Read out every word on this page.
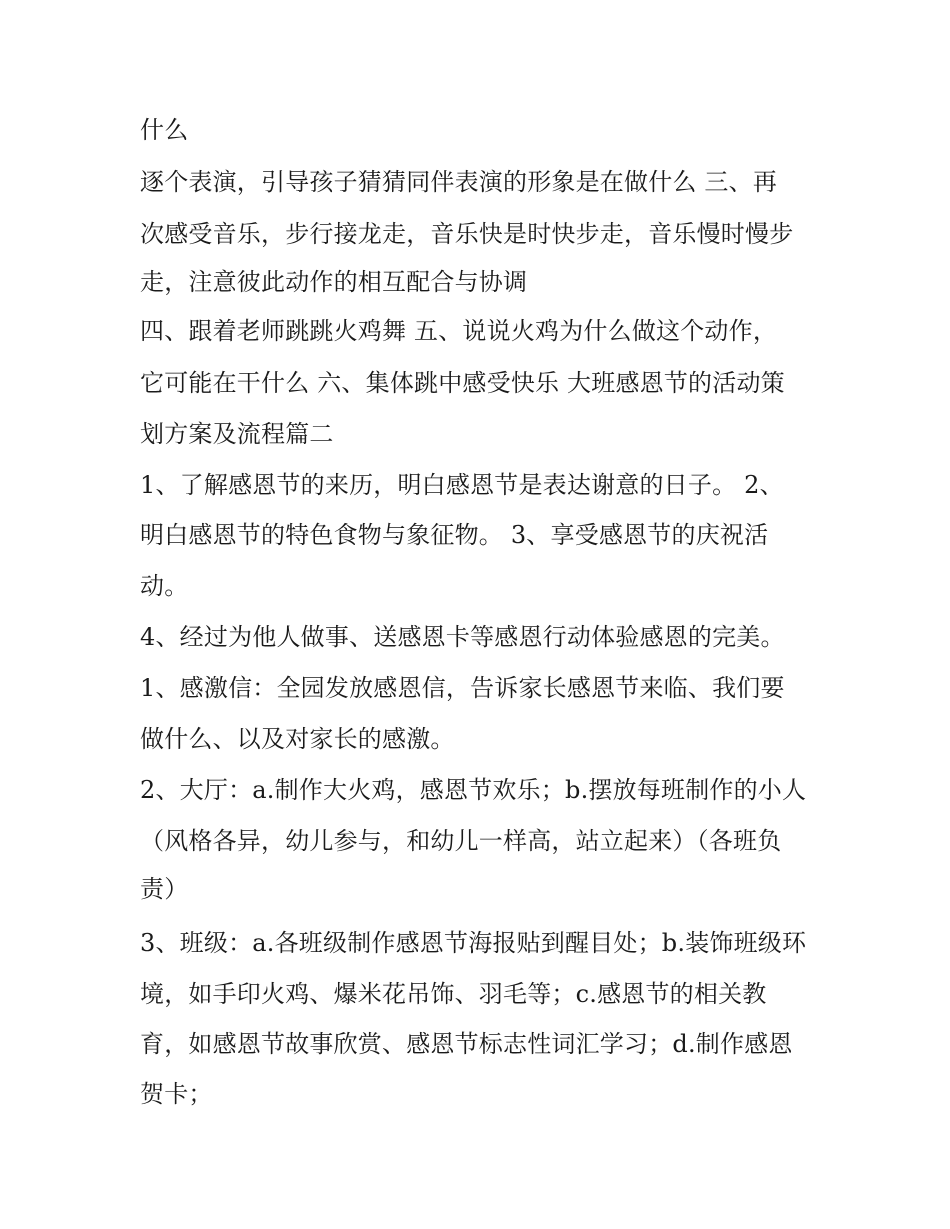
什么
逐个表演，引导孩子猜猜同伴表演的形象是在做什么 三、再
次感受音乐，步行接龙走，音乐快是时快步走，音乐慢时慢步
走，注意彼此动作的相互配合与协调
四、跟着老师跳跳火鸡舞 五、说说火鸡为什么做这个动作，
它可能在干什么 六、集体跳中感受快乐 大班感恩节的活动策
划方案及流程篇二
1、了解感恩节的来历，明白感恩节是表达谢意的日子。 2、
明白感恩节的特色食物与象征物。 3、享受感恩节的庆祝活
动。
4、经过为他人做事、送感恩卡等感恩行动体验感恩的完美。
1、感激信：全园发放感恩信，告诉家长感恩节来临、我们要
做什么、以及对家长的感激。
2、大厅：a.制作大火鸡，感恩节欢乐；b.摆放每班制作的小人
（风格各异，幼儿参与，和幼儿一样高，站立起来）（各班负
责）
3、班级：a.各班级制作感恩节海报贴到醒目处；b.装饰班级环
境，如手印火鸡、爆米花吊饰、羽毛等；c.感恩节的相关教
育，如感恩节故事欣赏、感恩节标志性词汇学习；d.制作感恩
贺卡；
